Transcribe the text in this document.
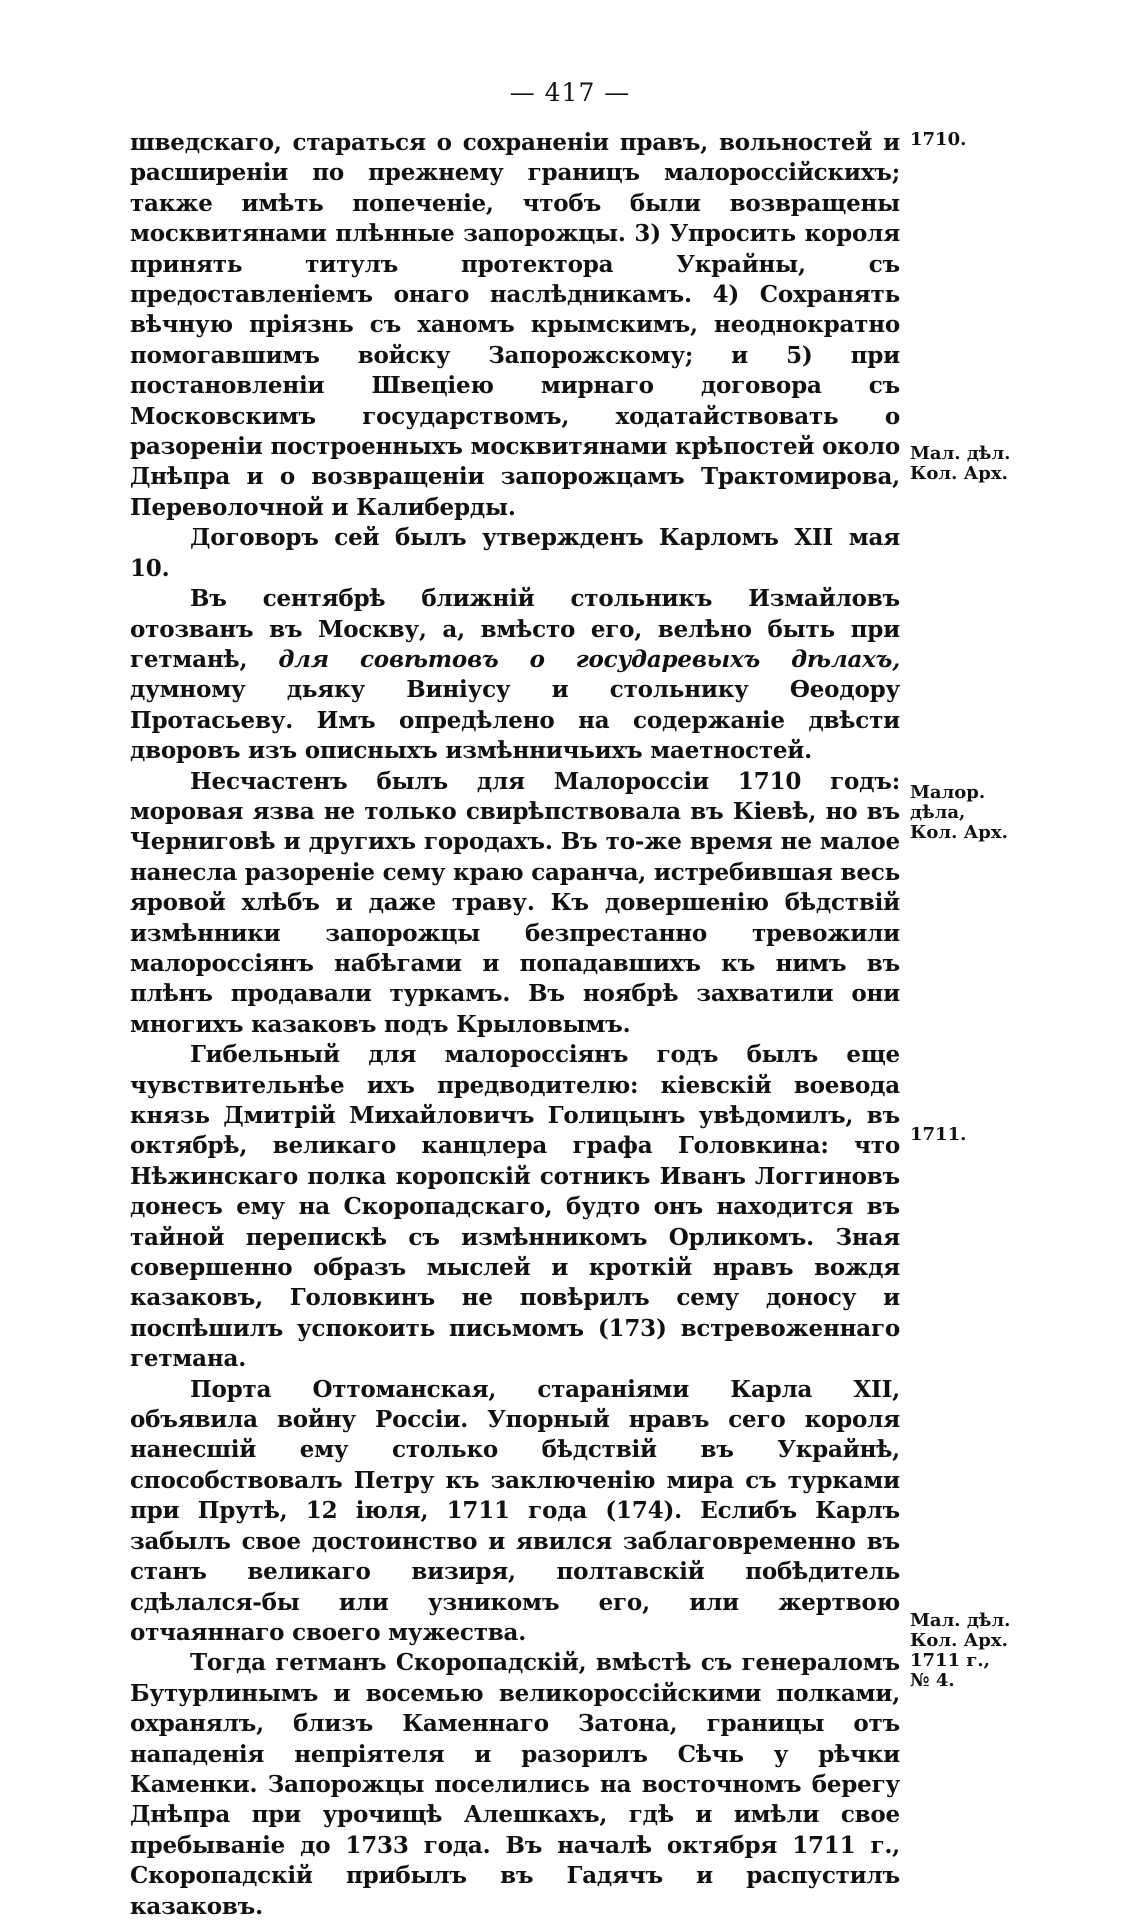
— 417 —

шведскаго, стараться о сохраненіи правъ, вольностей и расширеніи по прежнему границъ малороссійскихъ; также имѣть попеченіе, чтобъ были возвращены москвитянами плѣнные запорожцы. 3) Упросить короля принять титулъ протектора Украйны, съ предоставленіемъ онаго наслѣдникамъ. 4) Сохранять вѣчную пріязнь съ ханомъ крымскимъ, неоднократно помогавшимъ войску Запорожскому; и 5) при постановленіи Швеціею мирнаго договора съ Московскимъ государствомъ, ходатайствовать о разореніи построенныхъ москвитянами крѣпостей около Днѣпра и о возвращеніи запорожцамъ Трактомирова, Переволочной и Калиберды.

Договоръ сей былъ утвержденъ Карломъ XII мая 10.

Въ сентябрѣ ближній стольникъ Измайловъ отозванъ въ Москву, а, вмѣсто его, велѣно быть при гетманѣ, для совѣтовъ о государевыхъ дѣлахъ, думному дьяку Виніусу и стольнику Ѳеодору Протасьеву. Имъ опредѣлено на содержаніе двѣсти дворовъ изъ описныхъ измѣнничьихъ маетностей.

Несчастенъ былъ для Малороссіи 1710 годъ: моровая язва не только свирѣпствовала въ Кіевѣ, но въ Черниговѣ и другихъ городахъ. Въ то-же время не малое нанесла разореніе сему краю саранча, истребившая весь яровой хлѣбъ и даже траву. Къ довершенію бѣдствій измѣнники запорожцы безпрестанно тревожили малороссіянъ набѣгами и попадавшихъ къ нимъ въ плѣнъ продавали туркамъ. Въ ноябрѣ захватили они многихъ казаковъ подъ Крыловымъ.

Гибельный для малороссіянъ годъ былъ еще чувствительнѣе ихъ предводителю: кіевскій воевода князь Дмитрій Михайловичъ Голицынъ увѣдомилъ, въ октябрѣ, великаго канцлера графа Головкина: что Нѣжинскаго полка коропскій сотникъ Иванъ Логгиновъ донесъ ему на Скоропадскаго, будто онъ находится въ тайной перепискѣ съ измѣнникомъ Орликомъ. Зная совершенно образъ мыслей и кроткій нравъ вождя казаковъ, Головкинъ не повѣрилъ сему доносу и поспѣшилъ успокоить письмомъ (173) встревоженнаго гетмана.

Порта Оттоманская, стараніями Карла XII, объявила войну Россіи. Упорный нравъ сего короля нанесшій ему столько бѣдствій въ Украйнѣ, способствовалъ Петру къ заключенію мира съ турками при Прутѣ, 12 іюля, 1711 года (174). Еслибъ Карлъ забылъ свое достоинство и явился заблаговременно въ станъ великаго визиря, полтавскій побѣдитель сдѣлался-бы или узникомъ его, или жертвою отчаяннаго своего мужества.

Тогда гетманъ Скоропадскій, вмѣстѣ съ генераломъ Бутурлинымъ и восемью великороссійскими полками, охранялъ, близъ Каменнаго Затона, границы отъ нападенія непріятеля и разорилъ Сѣчь у рѣчки Каменки. Запорожцы поселились на восточномъ берегу Днѣпра при урочищѣ Алешкахъ, гдѣ и имѣли свое пребываніе до 1733 года. Въ началѣ октября 1711 г., Скоропадскій прибылъ въ Гадячъ и распустилъ казаковъ.

1710.
Мал. дѣл.
Кол. Арх.
Малор.
дѣла,
Кол. Арх.
1711.
Мал. дѣл.
Кол. Арх.
1711 г.,
№ 4.
